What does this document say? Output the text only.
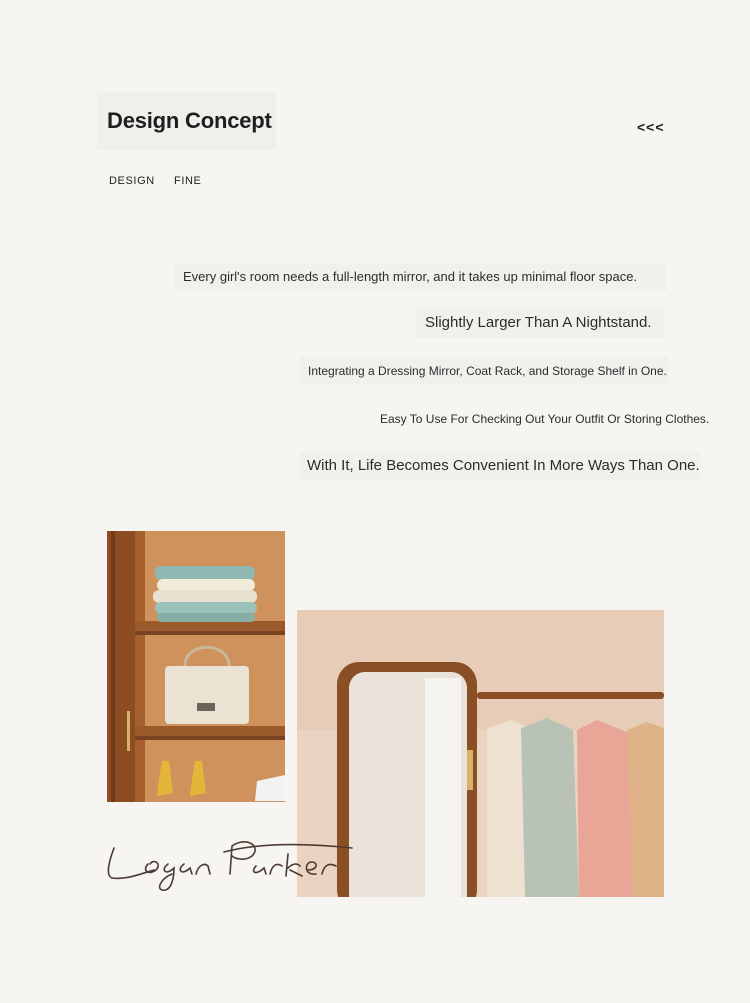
Design Concept	<<<
DESIGN FINE
Every girl's room needs a full-length mirror, and it takes up minimal floor space.
Slightly Larger Than A Nightstand.
Integrating a Dressing Mirror, Coat Rack, and Storage Shelf in One.
Easy To Use For Checking Out Your Outfit Or Storing Clothes.
With It, Life Becomes Convenient In More Ways Than One.
Logan Parker
